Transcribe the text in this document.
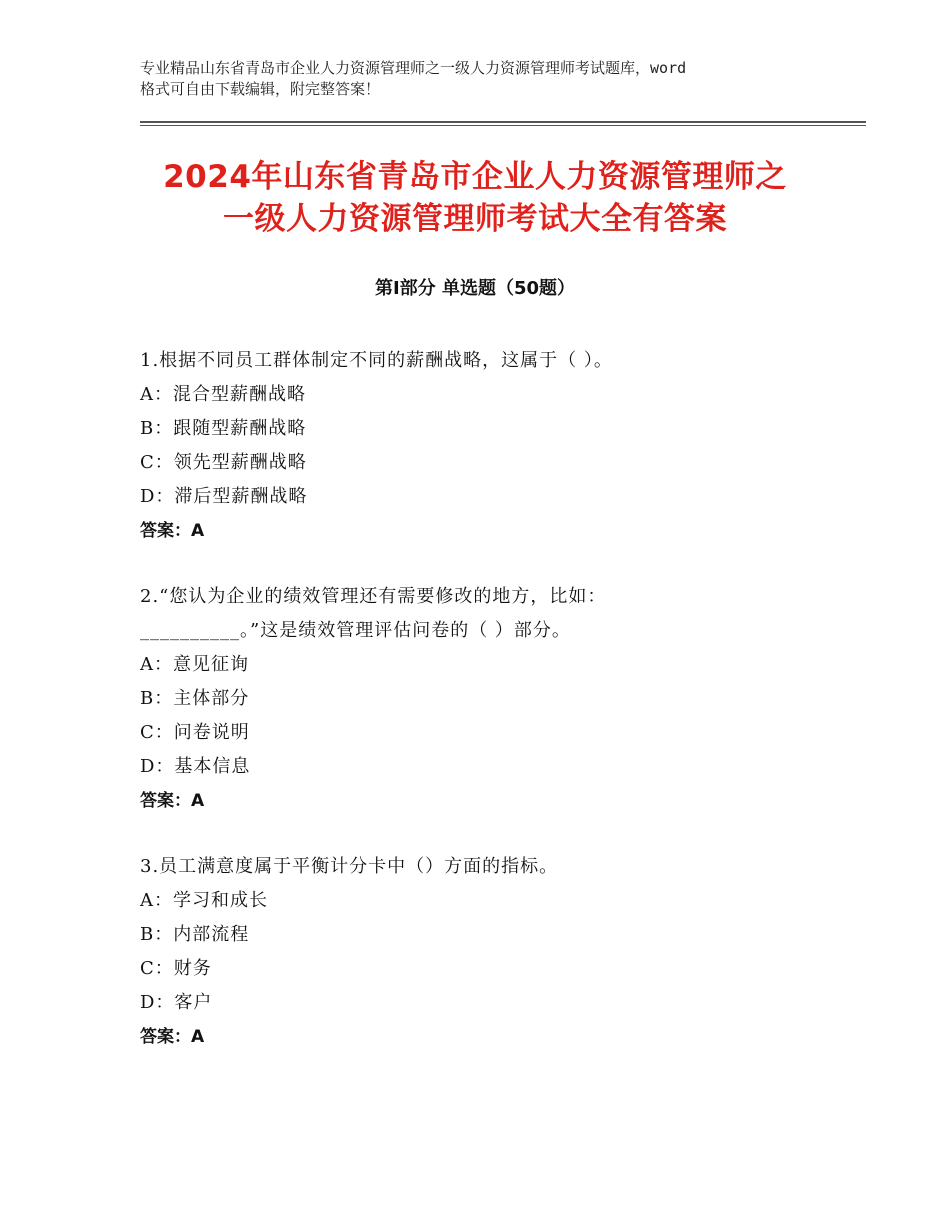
专业精品山东省青岛市企业人力资源管理师之一级人力资源管理师考试题库，word
格式可自由下载编辑，附完整答案！
2024年山东省青岛市企业人力资源管理师之
一级人力资源管理师考试大全有答案
第Ⅰ部分 单选题（50题）
1.根据不同员工群体制定不同的薪酬战略，这属于（ ）。
A：混合型薪酬战略
B：跟随型薪酬战略
C：领先型薪酬战略
D：滞后型薪酬战略
答案：A
2.“您认为企业的绩效管理还有需要修改的地方，比如：
__________。”这是绩效管理评估问卷的（ ）部分。
A：意见征询
B：主体部分
C：问卷说明
D：基本信息
答案：A
3.员工满意度属于平衡计分卡中（）方面的指标。
A：学习和成长
B：内部流程
C：财务
D：客户
答案：A
